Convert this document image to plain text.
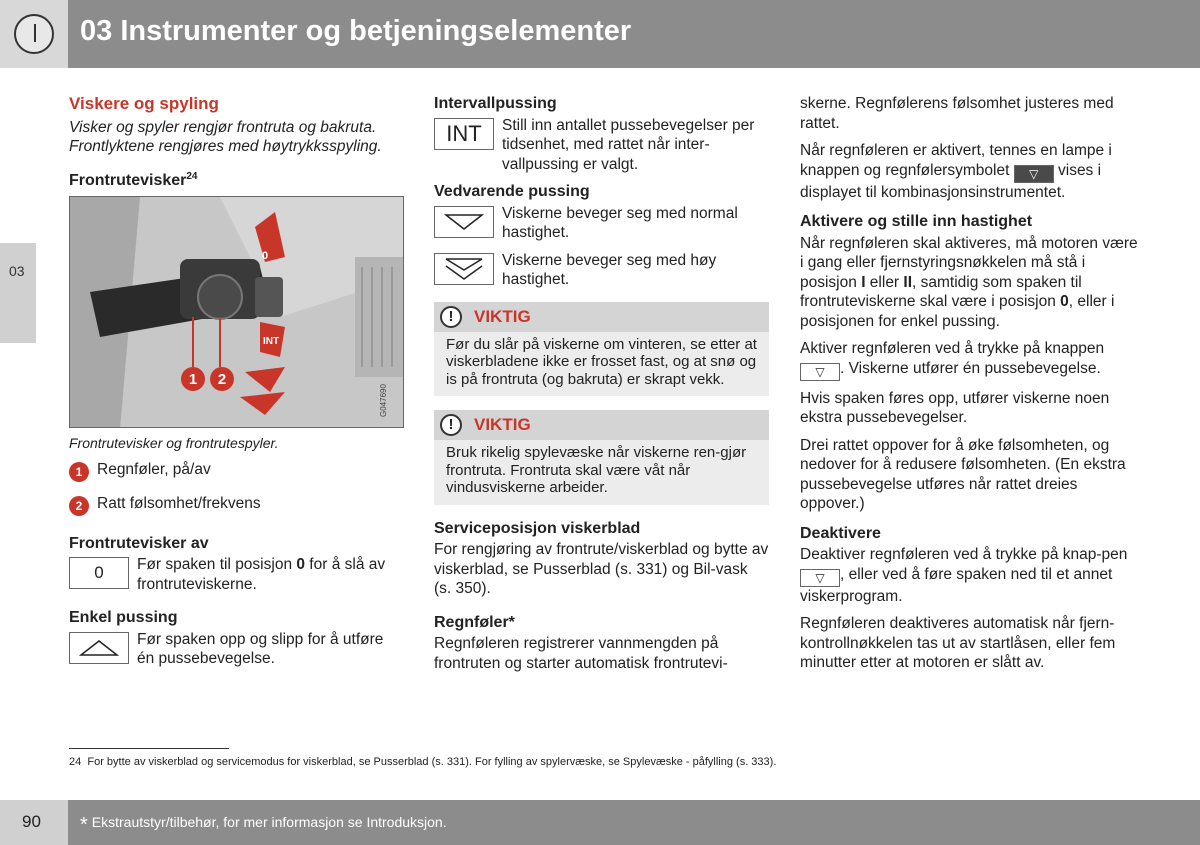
03 Instrumenter og betjeningselementer
03
Viskere og spyling
Visker og spyler rengjør frontruta og bakruta. Frontlyktene rengjøres med høytrykksspyling.
Frontrutevisker$^{24}$
1 2
0
INT
G047690
Frontrutevisker og frontrutespyler.
1 Regnføler, på/av
2 Ratt følsomhet/frekvens
Frontrutevisker av
0	Før spaken til posisjon 0 for å slå av frontruteviskerne.
Enkel pussing
Før spaken opp og slipp for å utføre én pussebevegelse.
Intervallpussing
INT	Still inn antallet pussebevegelser per tidsenhet, med rattet når inter-vallpussing er valgt.
Vedvarende pussing
Viskerne beveger seg med normal hastighet.
Viskerne beveger seg med høy hastighet.
!	VIKTIG
Før du slår på viskerne om vinteren, se etter at viskerbladene ikke er frosset fast, og at snø og is på frontruta (og bakruta) er skrapt vekk.
!	VIKTIG
Bruk rikelig spylevæske når viskerne ren-gjør frontruta. Frontruta skal være våt når vindusviskerne arbeider.
Serviceposisjon viskerblad

For rengjøring av frontrute/viskerblad og bytte av viskerblad, se Pusserblad (s. 331) og Bil-vask (s. 350).

Regnføler*

Regnføleren registrerer vannmengden på frontruten og starter automatisk frontrutevi-

skerne. Regnfølerens følsomhet justeres med rattet.

Når regnføleren er aktivert, tennes en lampe i knappen og regnfølersymbolet ▽ vises i displayet til kombinasjonsinstrumentet.

Aktivere og stille inn hastighet

Når regnføleren skal aktiveres, må motoren være i gang eller fjernstyringsnøkkelen må stå i posisjon I eller II, samtidig som spaken til frontruteviskerne skal være i posisjon 0, eller i posisjonen for enkel pussing.

Aktiver regnføleren ved å trykke på knappen ▽ . Viskerne utfører én pussebevegelse.

Hvis spaken føres opp, utfører viskerne noen ekstra pussebevegelser.

Drei rattet oppover for å øke følsomheten, og nedover for å redusere følsomheten. (En ekstra pussebevegelse utføres når rattet dreies oppover.)

Deaktivere

Deaktiver regnføleren ved å trykke på knap-pen ▽ , eller ved å føre spaken ned til et annet viskerprogram.

Regnføleren deaktiveres automatisk når fjern-kontrollnøkkelen tas ut av startlåsen, eller fem minutter etter at motoren er slått av.

24 For bytte av viskerblad og servicemodus for viskerblad, se Pusserblad (s. 331). For fylling av spylervæske, se Spylevæske - påfylling (s. 333).
90 * Ekstrautstyr/tilbehør, for mer informasjon se Introduksjon.
